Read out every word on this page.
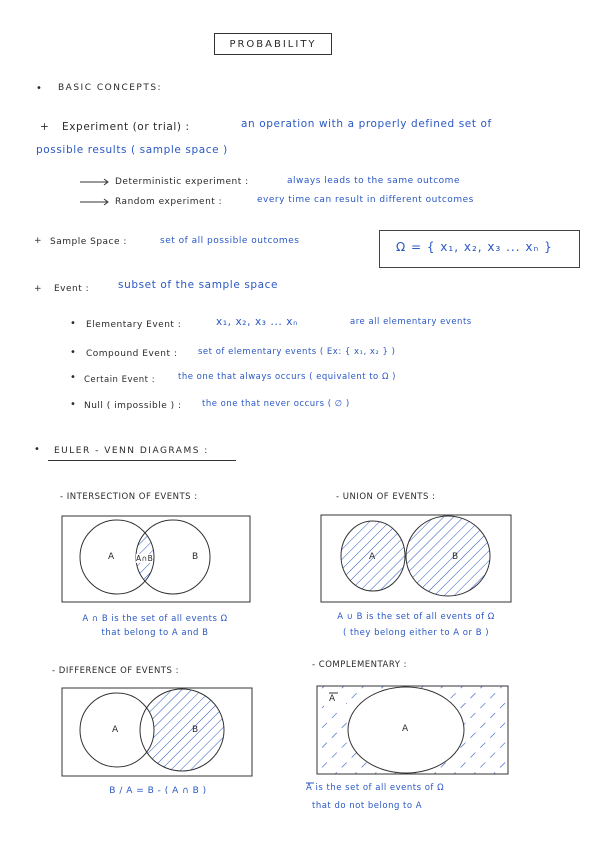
PROBABILITY
• BASIC CONCEPTS:
+ Experiment (or trial) :	an operation with a properly defined set of
possible results ( sample space )
Deterministic experiment :	always leads to the same outcome
Random experiment :	every time can result in different outcomes
+ Sample Space :	set of all possible outcomes	Ω = { x₁, x₂, x₃ ... xₙ }
+ Event :	subset of the sample space
• Elementary Event :	x₁, x₂, x₃ ... xₙ	are all elementary events
• Compound Event : set of elementary events ( Ex: { x₁, x₂ } )
• Certain Event :	the one that always occurs ( equivalent to Ω )
• Null ( impossible ) : the one that never occurs ( ∅ )
• EULER - VENN DIAGRAMS :
- INTERSECTION OF EVENTS :
A	B
A∩B
A ∩ B is the set of all events Ω
that belong to A and B
- UNION OF EVENTS :
A	B
A ∪ B is the set of all events of Ω
( they belong either to A or B )
- DIFFERENCE OF EVENTS :
A	B
B / A = B - ( A ∩ B )
- COMPLEMENTARY :
A
A
A is the set of all events of Ω
that do not belong to A
